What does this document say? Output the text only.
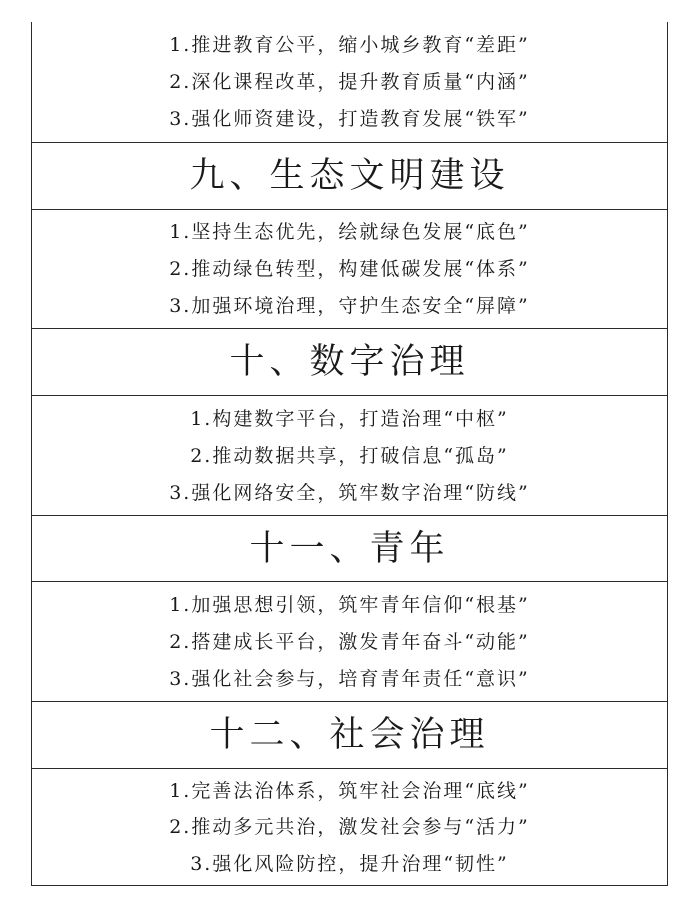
1.推进教育公平，缩小城乡教育“差距”
2.深化课程改革，提升教育质量“内涵”
3.强化师资建设，打造教育发展“铁军”
九、生态文明建设
1.坚持生态优先，绘就绿色发展“底色”
2.推动绿色转型，构建低碳发展“体系”
3.加强环境治理，守护生态安全“屏障”
十、数字治理
1.构建数字平台，打造治理“中枢”
2.推动数据共享，打破信息“孤岛”
3.强化网络安全，筑牢数字治理“防线”
十一、青年
1.加强思想引领，筑牢青年信仰“根基”
2.搭建成长平台，激发青年奋斗“动能”
3.强化社会参与，培育青年责任“意识”
十二、社会治理
1.完善法治体系，筑牢社会治理“底线”
2.推动多元共治，激发社会参与“活力”
3.强化风险防控，提升治理“韧性”
